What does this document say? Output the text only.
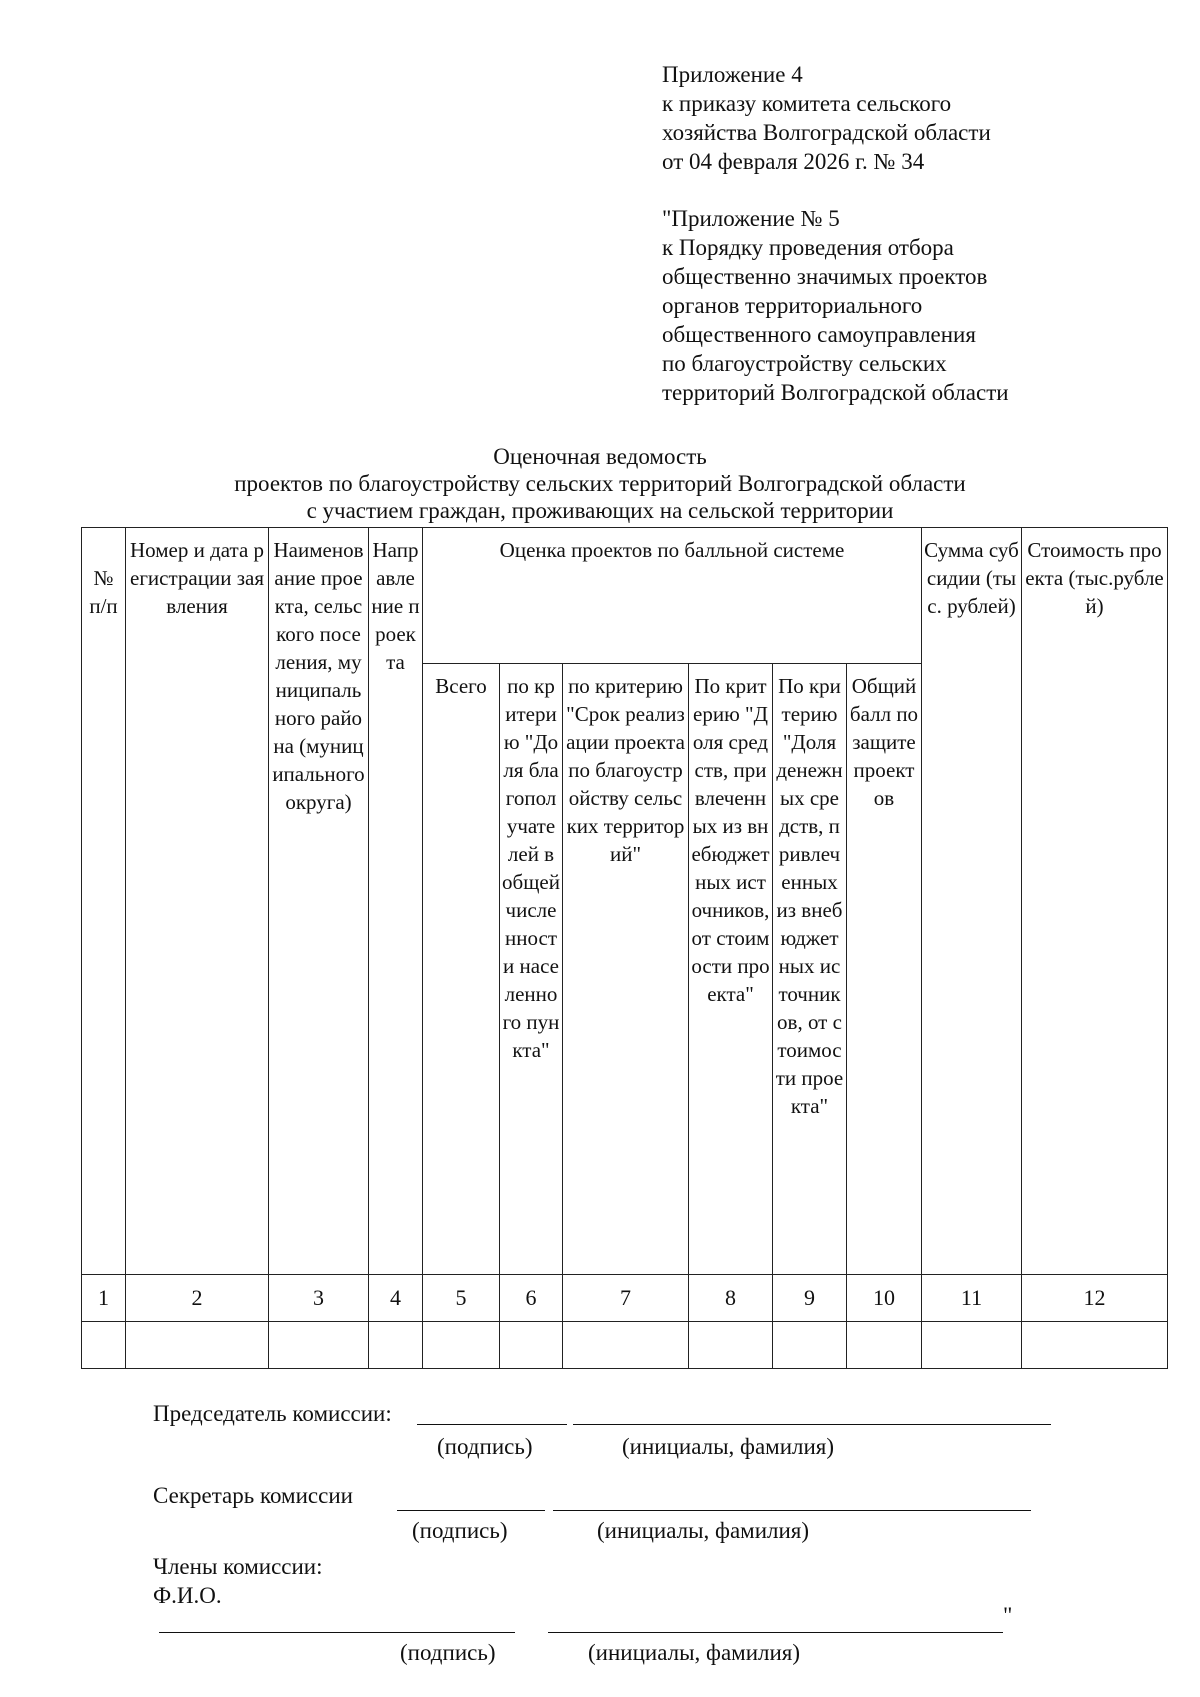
Приложение 4
к приказу комитета сельского
хозяйства Волгоградской области
от 04 февраля 2026 г. № 34
"Приложение № 5
к Порядку проведения отбора
общественно значимых проектов
органов территориального
общественного самоуправления
по благоустройству сельских
территорий Волгоградской области
Оценочная ведомость
проектов по благоустройству сельских территорий Волгоградской области
с участием граждан, проживающих на сельской территории
№ п/п	Номер и дата регистрации заявления	Наименование проекта, сельского поселения, муниципального района (муниципального округа)	Направление проекта	Оценка проектов по балльной системе						Сумма субсидии (тыс. рублей)	Стоимость проекта (тыс.рублей)
				Всего	по критерию "Доля благополучателей в общей численности населенного пункта"	по критерию "Срок реализации проекта по благоустройству сельских территорий"	По критерию "Доля средств, привлеченных из внебюджетных источников, от стоимости проекта"	По критерию "Доля денежных средств, привлеченных из внебюджетных источников, от стоимости проекта"	Общий балл по защите проектов		
1	2	3	4	5	6	7	8	9	10	11	12

Председатель комиссии:
(подпись)	(инициалы, фамилия)
Секретарь комиссии
(подпись)	(инициалы, фамилия)
Члены комиссии:
Ф.И.О.
"
(подпись)	(инициалы, фамилия)
